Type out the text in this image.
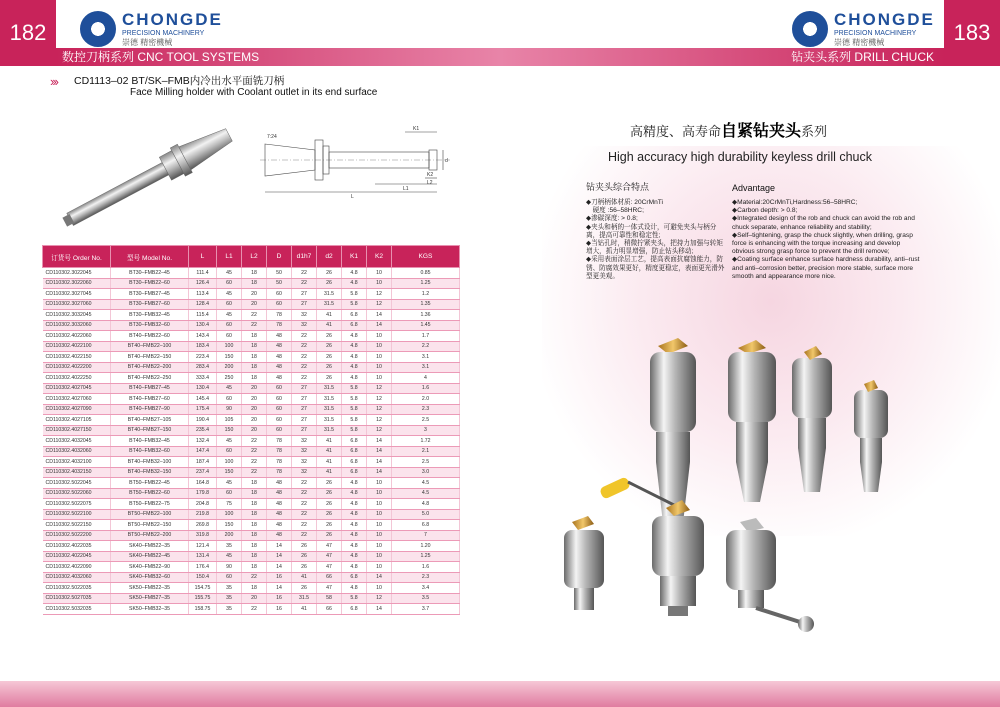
182
CHONGDE
PRECISION MACHINERY
崇德 精密機械
数控刀柄系列 CNC TOOL SYSTEMS
››› CD1113–02 BT/SK–FMB内冷出水平面铣刀柄
Face Milling holder with Coolant outlet in its end surface
7:24
K1
K2
d
L
L1
L2
订货号 Order No.	型号 Model No.	L	L1	L2	D	d1h7	d2	K1	K2	KGS
CD110302.3022045	BT30–FMB22–45	111.4	45	18	50	22	26	4.8	10	0.85
CD110302.3022060	BT30–FMB22–60	126.4	60	18	50	22	26	4.8	10	1.25
CD110302.3027045	BT30–FMB27–45	113.4	45	20	60	27	31.5	5.8	12	1.2
CD110302.3027060	BT30–FMB27–60	128.4	60	20	60	27	31.5	5.8	12	1.35
CD110302.3032045	BT30–FMB32–45	115.4	45	22	78	32	41	6.8	14	1.36
CD110302.3032060	BT30–FMB32–60	130.4	60	22	78	32	41	6.8	14	1.45
CD110302.4022060	BT40–FMB22–60	143.4	60	18	48	22	26	4.8	10	1.7
CD110302.4022100	BT40–FMB22–100	183.4	100	18	48	22	26	4.8	10	2.2
CD110302.4022150	BT40–FMB22–150	223.4	150	18	48	22	26	4.8	10	3.1
CD110302.4022200	BT40–FMB22–200	283.4	200	18	48	22	26	4.8	10	3.1
CD110302.4022250	BT40–FMB22–250	333.4	250	18	48	22	26	4.8	10	4
CD110302.4027045	BT40–FMB27–45	130.4	45	20	60	27	31.5	5.8	12	1.6
CD110302.4027060	BT40–FMB27–60	145.4	60	20	60	27	31.5	5.8	12	2.0
CD110302.4027090	BT40–FMB27–90	175.4	90	20	60	27	31.5	5.8	12	2.3
CD110302.4027105	BT40–FMB27–105	190.4	105	20	60	27	31.5	5.8	12	2.5
CD110302.4027150	BT40–FMB27–150	235.4	150	20	60	27	31.5	5.8	12	3
CD110302.4032045	BT40–FMB32–45	132.4	45	22	78	32	41	6.8	14	1.72
CD110302.4032060	BT40–FMB32–60	147.4	60	22	78	32	41	6.8	14	2.1
CD110302.4032100	BT40–FMB32–100	187.4	100	22	78	32	41	6.8	14	2.5
CD110302.4032150	BT40–FMB32–150	237.4	150	22	78	32	41	6.8	14	3.0
CD110302.5022045	BT50–FMB22–45	164.8	45	18	48	22	26	4.8	10	4.5
CD110302.5022060	BT50–FMB22–60	179.8	60	18	48	22	26	4.8	10	4.5
CD110302.5022075	BT50–FMB22–75	204.8	75	18	48	22	26	4.8	10	4.8
CD110302.5022100	BT50–FMB22–100	219.8	100	18	48	22	26	4.8	10	5.0
CD110302.5022150	BT50–FMB22–150	269.8	150	18	48	22	26	4.8	10	6.8
CD110302.5022200	BT50–FMB22–200	319.8	200	18	48	22	26	4.8	10	7
CD110302.4022035	SK40–FMB22–35	121.4	35	18	14	26	47	4.8	10	1.20
CD110302.4022045	SK40–FMB22–45	131.4	45	18	14	26	47	4.8	10	1.25
CD110302.4022090	SK40–FMB22–90	176.4	90	18	14	26	47	4.8	10	1.6
CD110302.4032060	SK40–FMB32–60	150.4	60	22	16	41	66	6.8	14	2.3
CD110302.5022035	SK50–FMB22–35	154.75	35	18	14	26	47	4.8	10	3.4
CD110302.5027035	SK50–FMB27–35	155.75	35	20	16	31.5	58	5.8	12	3.5
CD110302.5032035	SK50–FMB32–35	158.75	35	22	16	41	66	6.8	14	3.7
183
CHONGDE
PRECISION MACHINERY
崇德 精密機械
钻夹头系列 DRILL CHUCK
高精度、高寿命自紧钻夹头系列
High accuracy high durability keyless drill chuck
钻夹头综合特点	Advantage
◆刀柄柄体材质: 20CrMnTi
　硬度 :56–58HRC;
◆渗碳深度: > 0.8;
◆夹头和柄的一体式设计，可避免夹头与柄分离，提高可靠性和稳定性;
◆当钻孔时，稍微拧紧夹头，把持力加强与转矩增大，抓力明显增强，防止钻头移动;
◆采用表面涂层工艺，提高表面抗腐蚀能力，防锈、防腐效果更好，精度更稳定，表面更光滑外型更美观。
◆Material:20CrMnTi,Hardness:56–58HRC;
◆Carbon depth: > 0.8;
◆Integrated design of the rob and chuck can avoid the rob and chuck separate, enhance reliability and stability;
◆Self–tightening, grasp the chuck slightly, when drilling, grasp force is enhancing with the torque increasing and develop obvious strong grasp force to prevent the drill remove;
◆Coating surface enhance surface hardness durability, anti–rust and anti–corrosion better, precision more stable, surface more smooth and appearance more nice.
